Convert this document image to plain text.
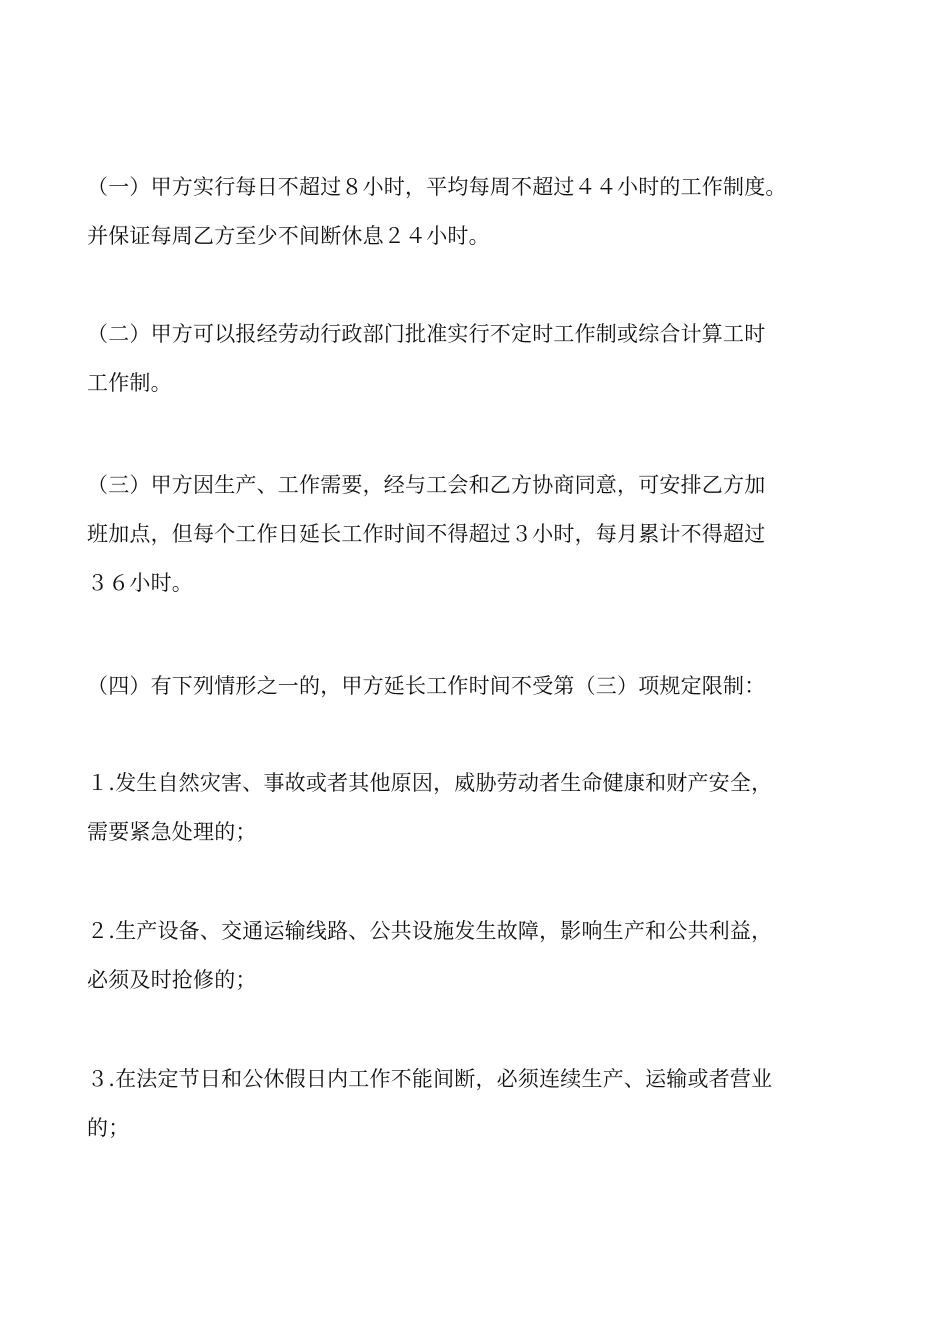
（一）甲方实行每日不超过８小时，平均每周不超过４４小时的工作制度。
并保证每周乙方至少不间断休息２４小时。
（二）甲方可以报经劳动行政部门批准实行不定时工作制或综合计算工时
工作制。
（三）甲方因生产、工作需要，经与工会和乙方协商同意，可安排乙方加
班加点，但每个工作日延长工作时间不得超过３小时，每月累计不得超过
３６小时。
（四）有下列情形之一的，甲方延长工作时间不受第（三）项规定限制：
１.发生自然灾害、事故或者其他原因，威胁劳动者生命健康和财产安全，
需要紧急处理的；
２.生产设备、交通运输线路、公共设施发生故障，影响生产和公共利益，
必须及时抢修的；
３.在法定节日和公休假日内工作不能间断，必须连续生产、运输或者营业
的；
